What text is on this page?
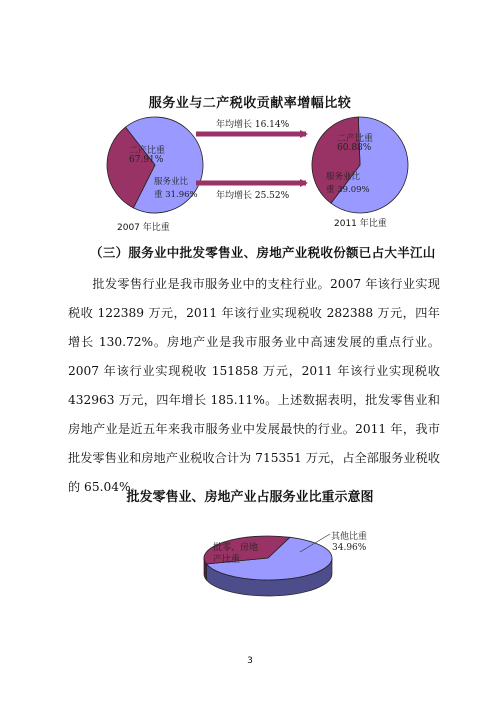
服务业与二产税收贡献率增幅比较
二产比重
67.91%
服务业比
重 31.96%
2007 年比重
二产比重
60.88%
服务业比
重 39.09%
2011 年比重
年均增长 16.14%
年均增长 25.52%
（三）服务业中批发零售业、房地产业税收份额已占大半江山

批发零售行业是我市服务业中的支柱行业。2007 年该行业实现税收 122389 万元，2011 年该行业实现税收 282388 万元，四年增长 130.72%。房地产业是我市服务业中高速发展的重点行业。2007 年该行业实现税收 151858 万元，2011 年该行业实现税收 432963 万元，四年增长 185.11%。上述数据表明，批发零售业和房地产业是近五年来我市服务业中发展最快的行业。2011 年，我市批发零售业和房地产业税收合计为 715351 万元，占全部服务业税收的 65.04%。

批发零售业、房地产业占服务业比重示意图
批零、房地
产比重
其他比重
34.96%
3
